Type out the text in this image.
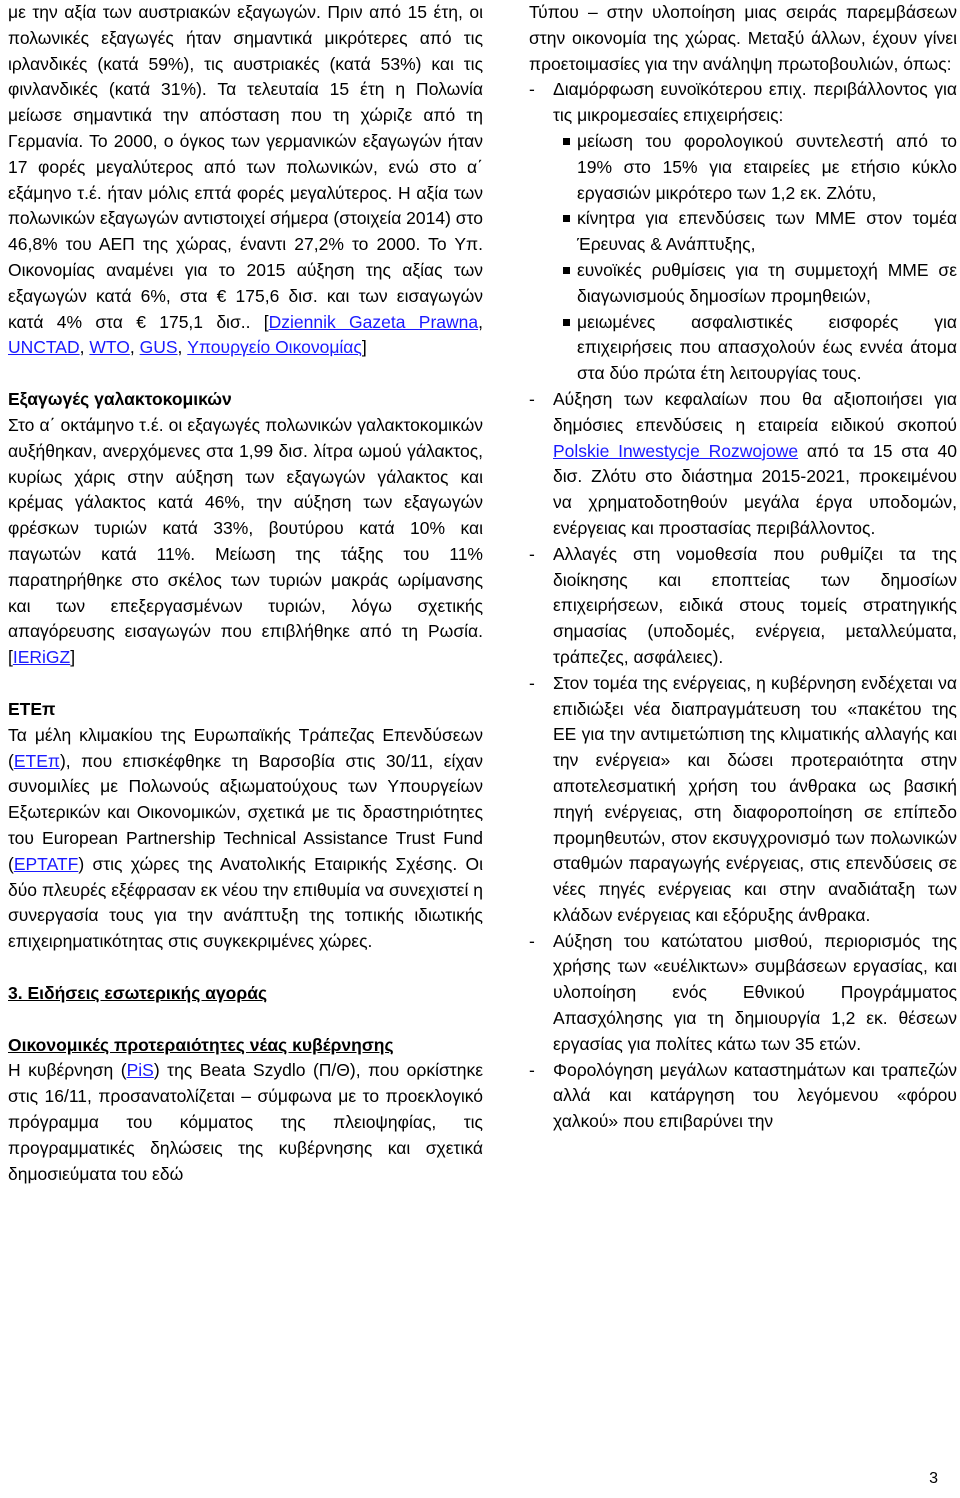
με την αξία των αυστριακών εξαγωγών. Πριν από 15 έτη, οι πολωνικές εξαγωγές ήταν σημαντικά μικρότερες από τις ιρλανδικές (κατά 59%), τις αυστριακές (κατά 53%) και τις φινλανδικές (κατά 31%). Τα τελευταία 15 έτη η Πολωνία μείωσε σημαντικά την απόσταση που τη χώριζε από τη Γερμανία. Το 2000, ο όγκος των γερμανικών εξαγωγών ήταν 17 φορές μεγαλύτερος από των πολωνικών, ενώ στο α΄ εξάμηνο τ.έ. ήταν μόλις επτά φορές μεγαλύτερος. Η αξία των πολωνικών εξαγωγών αντιστοιχεί σήμερα (στοιχεία 2014) στο 46,8% του ΑΕΠ της χώρας, έναντι 27,2% το 2000. Το Υπ. Οικονομίας αναμένει για το 2015 αύξηση της αξίας των εξαγωγών κατά 6%, στα € 175,6 δισ. και των εισαγωγών κατά 4% στα € 175,1 δισ.. [Dziennik Gazeta Prawna, UNCTAD, WTO, GUS, Υπουργείο Οικονομίας]

Εξαγωγές γαλακτοκομικών

Στο α΄ οκτάμηνο τ.έ. οι εξαγωγές πολωνικών γαλακτοκομικών αυξήθηκαν, ανερχόμενες στα 1,99 δισ. λίτρα ωμού γάλακτος, κυρίως χάρις στην αύξηση των εξαγωγών γάλακτος και κρέμας γάλακτος κατά 46%, την αύξηση των εξαγωγών φρέσκων τυριών κατά 33%, βουτύρου κατά 10% και παγωτών κατά 11%. Μείωση της τάξης του 11% παρατηρήθηκε στο σκέλος των τυριών μακράς ωρίμανσης και των επεξεργασμένων τυριών, λόγω σχετικής απαγόρευσης εισαγωγών που επιβλήθηκε από τη Ρωσία. [IERiGZ]

ΕΤΕπ

Τα μέλη κλιμακίου της Ευρωπαϊκής Τράπεζας Επενδύσεων (ΕΤΕπ), που επισκέφθηκε τη Βαρσοβία στις 30/11, είχαν συνομιλίες με Πολωνούς αξιωματούχους των Υπουργείων Εξωτερικών και Οικονομικών, σχετικά με τις δραστηριότητες του European Partnership Technical Assistance Trust Fund (EPTATF) στις χώρες της Ανατολικής Εταιρικής Σχέσης. Οι δύο πλευρές εξέφρασαν εκ νέου την επιθυμία να συνεχιστεί η συνεργασία τους για την ανάπτυξη της τοπικής ιδιωτικής επιχειρηματικότητας στις συγκεκριμένες χώρες.

3. Ειδήσεις εσωτερικής αγοράς

Οικονομικές προτεραιότητες νέας κυβέρνησης

Η κυβέρνηση (PiS) της Beata Szydlo (Π/Θ), που ορκίστηκε στις 16/11, προσανατολίζεται – σύμφωνα με το προεκλογικό πρόγραμμα του κόμματος της πλειοψηφίας, τις προγραμματικές δηλώσεις της κυβέρνησης και σχετικά δημοσιεύματα του εδώ

Τύπου – στην υλοποίηση μιας σειράς παρεμβάσεων στην οικονομία της χώρας. Μεταξύ άλλων, έχουν γίνει προετοιμασίες για την ανάληψη πρωτοβουλιών, όπως:

- Διαμόρφωση ευνοϊκότερου επιχ. περιβάλλοντος για τις μικρομεσαίες επιχειρήσεις:
μείωση του φορολογικού συντελεστή από το 19% στο 15% για εταιρείες με ετήσιο κύκλο εργασιών μικρότερο των 1,2 εκ. Ζλότυ,
κίνητρα για επενδύσεις των ΜΜΕ στον τομέα Έρευνας & Ανάπτυξης,
ευνοϊκές ρυθμίσεις για τη συμμετοχή ΜΜΕ σε διαγωνισμούς δημοσίων προμηθειών,
μειωμένες ασφαλιστικές εισφορές για επιχειρήσεις που απασχολούν έως εννέα άτομα στα δύο πρώτα έτη λειτουργίας τους.
- Αύξηση των κεφαλαίων που θα αξιοποιήσει για δημόσιες επενδύσεις η εταιρεία ειδικού σκοπού Polskie Inwestycje Rozwojowe από τα 15 στα 40 δισ. Ζλότυ στο διάστημα 2015-2021, προκειμένου να χρηματοδοτηθούν μεγάλα έργα υποδομών, ενέργειας και προστασίας περιβάλλοντος.
- Αλλαγές στη νομοθεσία που ρυθμίζει τα της διοίκησης και εποπτείας των δημοσίων επιχειρήσεων, ειδικά στους τομείς στρατηγικής σημασίας (υποδομές, ενέργεια, μεταλλεύματα, τράπεζες, ασφάλειες).
- Στον τομέα της ενέργειας, η κυβέρνηση ενδέχεται να επιδιώξει νέα διαπραγμάτευση του «πακέτου της ΕΕ για την αντιμετώπιση της κλιματικής αλλαγής και την ενέργεια» και δώσει προτεραιότητα στην αποτελεσματική χρήση του άνθρακα ως βασική πηγή ενέργειας, στη διαφοροποίηση σε επίπεδο προμηθευτών, στον εκσυγχρονισμό των πολωνικών σταθμών παραγωγής ενέργειας, στις επενδύσεις σε νέες πηγές ενέργειας και στην αναδιάταξη των κλάδων ενέργειας και εξόρυξης άνθρακα.
- Αύξηση του κατώτατου μισθού, περιορισμός της χρήσης των «ευέλικτων» συμβάσεων εργασίας, και υλοποίηση ενός Εθνικού Προγράμματος Απασχόλησης για τη δημιουργία 1,2 εκ. θέσεων εργασίας για πολίτες κάτω των 35 ετών.
- Φορολόγηση μεγάλων καταστημάτων και τραπεζών αλλά και κατάργηση του λεγόμενου «φόρου χαλκού» που επιβαρύνει την
3
